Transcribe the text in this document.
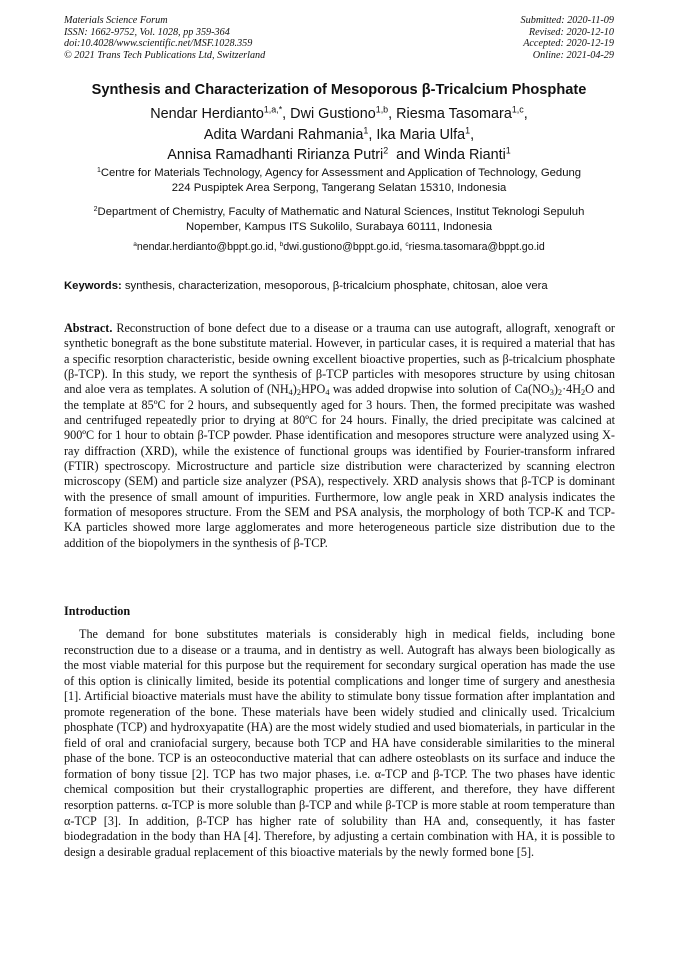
Materials Science Forum
ISSN: 1662-9752, Vol. 1028, pp 359-364
doi:10.4028/www.scientific.net/MSF.1028.359
© 2021 Trans Tech Publications Ltd, Switzerland
Submitted: 2020-11-09
Revised: 2020-12-10
Accepted: 2020-12-19
Online: 2021-04-29
Synthesis and Characterization of Mesoporous β-Tricalcium Phosphate
Nendar Herdianto$^{1,a,*}$, Dwi Gustiono$^{1,b}$, Riesma Tasomara$^{1,c}$,
Adita Wardani Rahmania$^1$, Ika Maria Ulfa$^1$,
Annisa Ramadhanti Ririanza Putri$^2$  and Winda Rianti$^1$
$^1$Centre for Materials Technology, Agency for Assessment and Application of Technology, Gedung
224 Puspiptek Area Serpong, Tangerang Selatan 15310, Indonesia
$^2$Department of Chemistry, Faculty of Mathematic and Natural Sciences, Institut Teknologi Sepuluh
Nopember, Kampus ITS Sukolilo, Surabaya 60111, Indonesia
$^a$nendar.herdianto@bppt.go.id, $^b$dwi.gustiono@bppt.go.id, $^c$riesma.tasomara@bppt.go.id
Keywords: synthesis, characterization, mesoporous, β-tricalcium phosphate, chitosan, aloe vera

Abstract. Reconstruction of bone defect due to a disease or a trauma can use autograft, allograft, xenograft or synthetic bonegraft as the bone substitute material. However, in particular cases, it is required a material that has a specific resorption characteristic, beside owning excellent bioactive properties, such as β-tricalcium phosphate (β-TCP). In this study, we report the synthesis of β-TCP particles with mesopores structure by using chitosan and aloe vera as templates. A solution of $(NH_4)_2HPO_4$ was added dropwise into solution of $Ca(NO_3)_2\cdot 4H_2O$ and the template at 85ºC for 2 hours, and subsequently aged for 3 hours. Then, the formed precipitate was washed and centrifuged repeatedly prior to drying at 80ºC for 24 hours. Finally, the dried precipitate was calcined at 900ºC for 1 hour to obtain β-TCP powder. Phase identification and mesopores structure were analyzed using X-ray diffraction (XRD), while the existence of functional groups was identified by Fourier-transform infrared (FTIR) spectroscopy. Microstructure and particle size distribution were characterized by scanning electron microscopy (SEM) and particle size analyzer (PSA), respectively. XRD analysis shows that β-TCP is dominant with the presence of small amount of impurities. Furthermore, low angle peak in XRD analysis indicates the formation of mesopores structure. From the SEM and PSA analysis, the morphology of both TCP-K and TCP-KA particles showed more large agglomerates and more heterogeneous particle size distribution due to the addition of the biopolymers in the synthesis of β-TCP.

Introduction

The demand for bone substitutes materials is considerably high in medical fields, including bone reconstruction due to a disease or a trauma, and in dentistry as well. Autograft has always been biologically as the most viable material for this purpose but the requirement for secondary surgical operation has made the use of this option is clinically limited, beside its potential complications and longer time of surgery and anesthesia [1]. Artificial bioactive materials must have the ability to stimulate bony tissue formation after implantation and promote regeneration of the bone. These materials have been widely studied and clinically used. Tricalcium phosphate (TCP) and hydroxyapatite (HA) are the most widely studied and used biomaterials, in particular in the field of oral and craniofacial surgery, because both TCP and HA have considerable similarities to the mineral phase of the bone. TCP is an osteoconductive material that can adhere osteoblasts on its surface and induce the formation of bony tissue [2]. TCP has two major phases, i.e. α-TCP and β-TCP. The two phases have identic chemical composition but their crystallographic properties are different, and therefore, they have different resorption patterns. α-TCP is more soluble than β-TCP and while β-TCP is more stable at room temperature than α-TCP [3]. In addition, β-TCP has higher rate of solubility than HA and, consequently, it has faster biodegradation in the body than HA [4]. Therefore, by adjusting a certain combination with HA, it is possible to design a desirable gradual replacement of this bioactive materials by the newly formed bone [5].
